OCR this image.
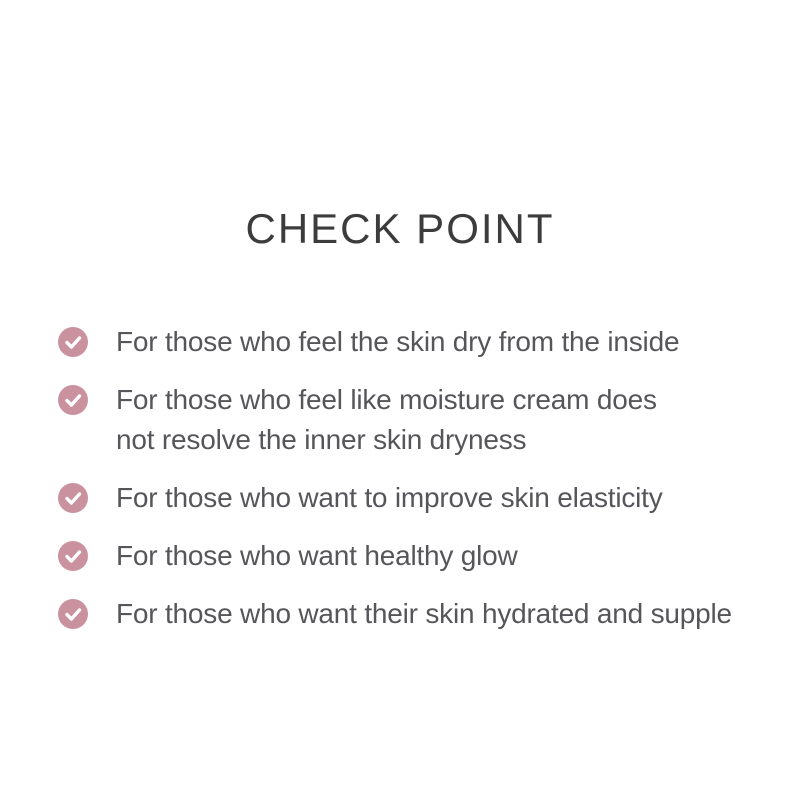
CHECK POINT
For those who feel the skin dry from the inside
For those who feel like moisture cream does
not resolve the inner skin dryness
For those who want to improve skin elasticity
For those who want healthy glow
For those who want their skin hydrated and supple
